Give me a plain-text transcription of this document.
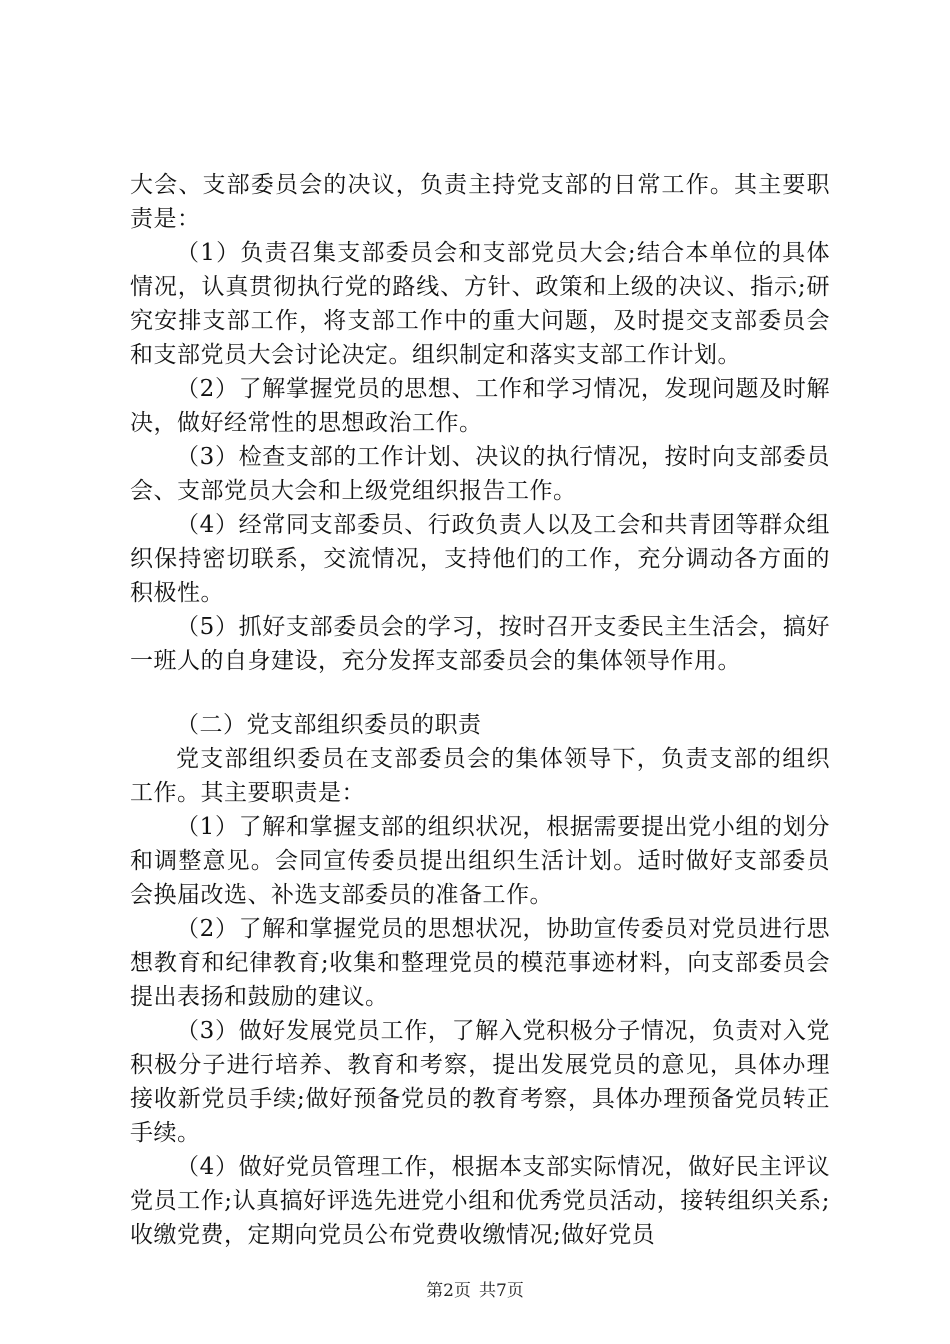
大会、支部委员会的决议，负责主持党支部的日常工作。其主要职责是：

（1）负责召集支部委员会和支部党员大会;结合本单位的具体情况，认真贯彻执行党的路线、方针、政策和上级的决议、指示;研究安排支部工作，将支部工作中的重大问题，及时提交支部委员会和支部党员大会讨论决定。组织制定和落实支部工作计划。

（2）了解掌握党员的思想、工作和学习情况，发现问题及时解决，做好经常性的思想政治工作。

（3）检查支部的工作计划、决议的执行情况，按时向支部委员会、支部党员大会和上级党组织报告工作。

（4）经常同支部委员、行政负责人以及工会和共青团等群众组织保持密切联系，交流情况，支持他们的工作，充分调动各方面的积极性。

（5）抓好支部委员会的学习，按时召开支委民主生活会，搞好一班人的自身建设，充分发挥支部委员会的集体领导作用。

（二）党支部组织委员的职责

党支部组织委员在支部委员会的集体领导下，负责支部的组织工作。其主要职责是：

（1）了解和掌握支部的组织状况，根据需要提出党小组的划分和调整意见。会同宣传委员提出组织生活计划。适时做好支部委员会换届改选、补选支部委员的准备工作。

（2）了解和掌握党员的思想状况，协助宣传委员对党员进行思想教育和纪律教育;收集和整理党员的模范事迹材料，向支部委员会提出表扬和鼓励的建议。

（3）做好发展党员工作，了解入党积极分子情况，负责对入党积极分子进行培养、教育和考察，提出发展党员的意见，具体办理接收新党员手续;做好预备党员的教育考察，具体办理预备党员转正手续。

（4）做好党员管理工作，根据本支部实际情况，做好民主评议党员工作;认真搞好评选先进党小组和优秀党员活动，接转组织关系;收缴党费，定期向党员公布党费收缴情况;做好党员

第2页 共7页
